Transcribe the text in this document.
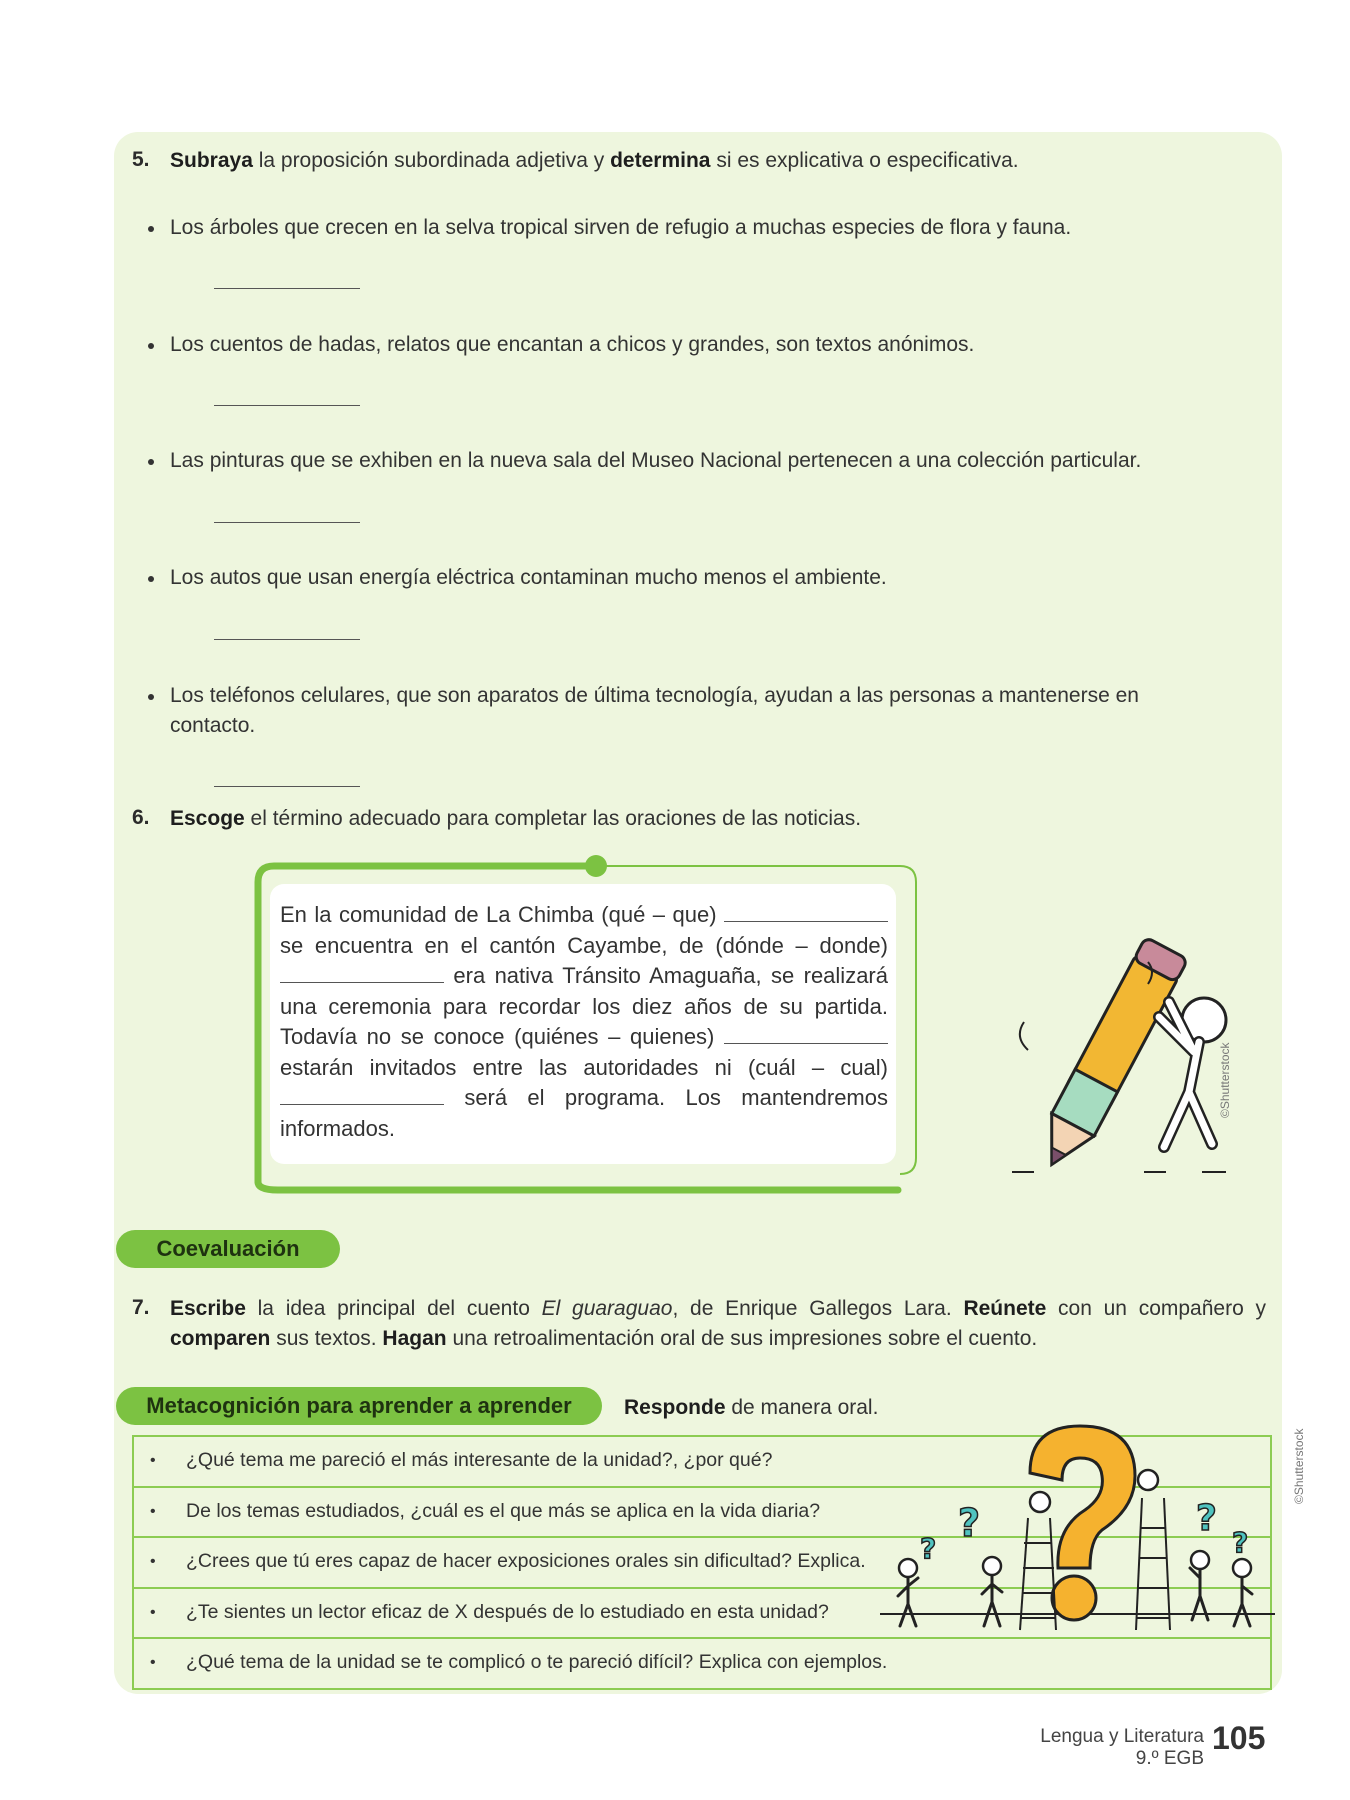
5. Subraya la proposición subordinada adjetiva y determina si es explicativa o especificativa.
Los árboles que crecen en la selva tropical sirven de refugio a muchas especies de flora y fauna.
Los cuentos de hadas, relatos que encantan a chicos y grandes, son textos anónimos.
Las pinturas que se exhiben en la nueva sala del Museo Nacional pertenecen a una colección particular.
Los autos que usan energía eléctrica contaminan mucho menos el ambiente.
Los teléfonos celulares, que son aparatos de última tecnología, ayudan a las personas a mantenerse en
contacto.
6. Escoge el término adecuado para completar las oraciones de las noticias.
En la comunidad de La Chimba (qué – que)  se encuentra en el cantón Cayambe, de (dónde – donde)  era nativa Tránsito Amaguaña, se realizará una ceremonia para recordar los diez años de su partida. Todavía no se conoce (quiénes – quienes)  estarán invitados entre las autoridades ni (cuál – cual)  será el programa. Los mantendremos informados.
©Shutterstock
Coevaluación
7. Escribe la idea principal del cuento El guaraguao, de Enrique Gallegos Lara. Reúnete con un compañero y comparen sus textos. Hagan una retroalimentación oral de sus impresiones sobre el cuento.
Metacognición para aprender a aprender	Responde de manera oral.
• ¿Qué tema me pareció el más interesante de la unidad?, ¿por qué?
• De los temas estudiados, ¿cuál es el que más se aplica en la vida diaria?
• ¿Crees que tú eres capaz de hacer exposiciones orales sin dificultad? Explica.
• ¿Te sientes un lector eficaz de X después de lo estudiado en esta unidad?
• ¿Qué tema de la unidad se te complicó o te pareció difícil? Explica con ejemplos.
?
?
?
?
©Shutterstock
Lengua y Literatura
9.º EGB
105
